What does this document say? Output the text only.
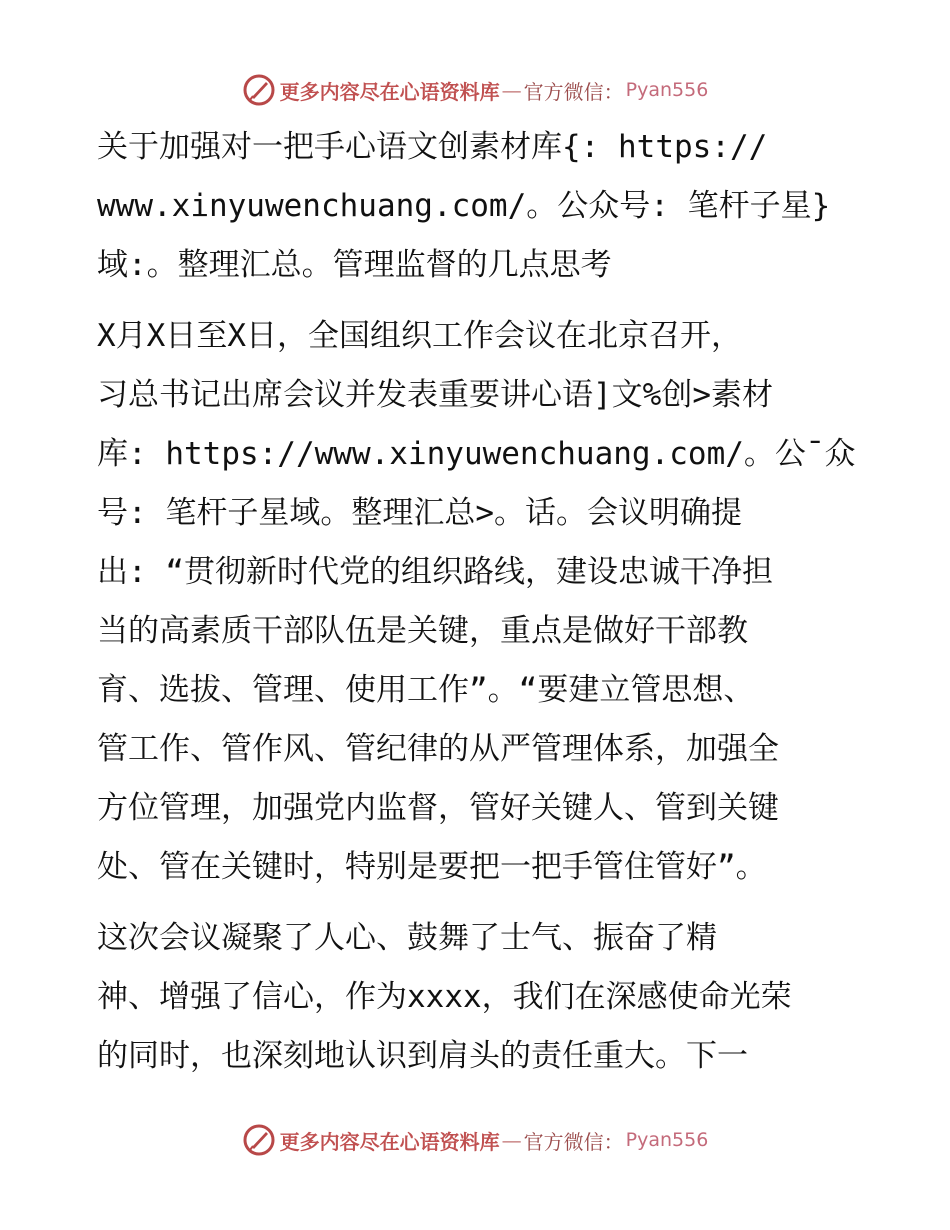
更多内容尽在心语资料库 — 官方微信： Pyan556
关于加强对一把手心语文创素材库{: https://
www.xinyuwenchuang.com/。公众号: 笔杆子星}
域:。整理汇总。管理监督的几点思考
X月X日至X日，全国组织工作会议在北京召开，
习总书记出席会议并发表重要讲心语]文%创>素材
库: https://www.xinyuwenchuang.com/。公¯众
号: 笔杆子星域。整理汇总>。话。会议明确提
出: “贯彻新时代党的组织路线，建设忠诚干净担
当的高素质干部队伍是关键，重点是做好干部教
育、选拔、管理、使用工作”。“要建立管思想、
管工作、管作风、管纪律的从严管理体系，加强全
方位管理，加强党内监督，管好关键人、管到关键
处、管在关键时，特别是要把一把手管住管好”。
这次会议凝聚了人心、鼓舞了士气、振奋了精
神、增强了信心，作为xxxx，我们在深感使命光荣
的同时，也深刻地认识到肩头的责任重大。下一
更多内容尽在心语资料库 — 官方微信： Pyan556
